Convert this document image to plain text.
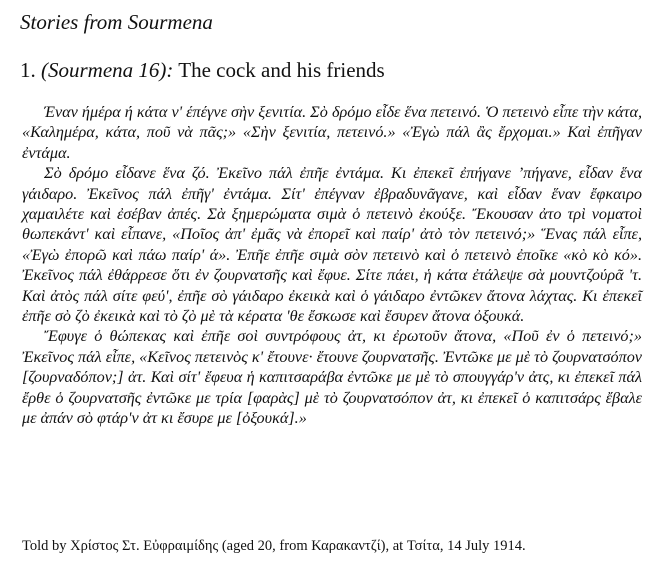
Stories from Sourmena
1. (Sourmena 16): The cock and his friends

Έναν ήμέρα ή κάτα ν' έπέγνε σὴν ξενιτία. Σὸ δρόμο εἶδε ἕνα πετεινό. Ὁ πετεινὸ εἶπε τὴν κάτα, «Καλημέρα, κάτα, ποῦ νὰ πᾶς;» «Σὴν ξενιτία, πετεινό.» «Ἐγὼ πάλ ἂς ἔρχομαι.» Καὶ ἐπῆγαν ἐντάμα.

Σὸ δρόμο εἶδανε ἕνα ζό. Ἐκεῖνο πάλ ἐπῆε ἐντάμα. Κι ἐπεκεῖ ἐπήγανε ’πήγανε, εἶδαν ἕνα γάιδαρο. Ἐκεῖνος πάλ ἐπῆγ' ἐντάμα. Σίτ' ἐπέγναν ἐβραδυνᾶγανε, καὶ εἶδαν ἕναν ἔφκαιρο χαμαιλέτε καὶ ἐσέβαν ἀπές. Σὰ ξημερώματα σιμὰ ὁ πετεινὸ ἐκούξε. Ἔκουσαν ἀτο τρὶ νοματοὶ θωπεκάντ' καὶ εἶπανε, «Ποῖος ἀπ' ἐμᾶς νὰ ἐπορεῖ καὶ παίρ' ἀτὸ τὸν πετεινό;» Ἕνας πάλ εἶπε, «Ἐγὼ ἐπορῶ καὶ πάω παίρ' ά». Ἐπῆε ἐπῆε σιμὰ σὸν πετεινὸ καὶ ὁ πετεινὸ ἐποῖκε «κὸ κὸ κό». Ἐκεῖνος πάλ ἐθάρρεσε ὅτι ἐν ζουρνατσῆς καὶ ἔφυε. Σίτε πάει, ἡ κάτα ἐτάλεψε σὰ μουντζούρᾶ 'τ. Καὶ ἀτὸς πάλ σίτε φεύ', ἐπῆε σὸ γάιδαρο ἐκεικὰ καὶ ὁ γάιδαρο ἐντῶκεν ἄτονα λάχτας. Κι ἐπεκεῖ ἐπῆε σὸ ζὸ ἐκεικὰ καὶ τὸ ζὸ μὲ τὰ κέρατα 'θε ἔσκωσε καὶ ἔσυρεν ἄτονα ὀξουκά.

Ἔφυγε ὁ θώπεκας καὶ ἐπῆε σοὶ συντρόφους ἀτ, κι ἐρωτοῦν ἄτονα, «Ποῦ ἐν ὁ πετεινό;» Ἐκεῖνος πάλ εἶπε, «Κεῖνος πετεινὸς κ' ἔτουνε· ἔτουνε ζουρνατσῆς. Ἐντῶκε με μὲ τὸ ζουρνατσόπον [ζουρναδόπον;] ἀτ. Καὶ σίτ' ἔφευα ἡ καπιτσαράβα ἐντῶκε με μὲ τὸ σπουγγάρ'ν ἀτς, κι ἐπεκεῖ πάλ ἔρθε ὁ ζουρνατσῆς ἐντῶκε με τρία [φαρὰς] μὲ τὸ ζουρνατσόπον ἀτ, κι ἐπεκεῖ ὁ καπιτσάρς ἔβαλε με ἀπάν σὸ φτάρ'ν ἀτ κι ἔσυρε με [ὀξουκά].»

Told by Χρίστος Στ. Εὐφραιμίδης (aged 20, from Καρακαντζί), at Τσίτα, 14 July 1914.
